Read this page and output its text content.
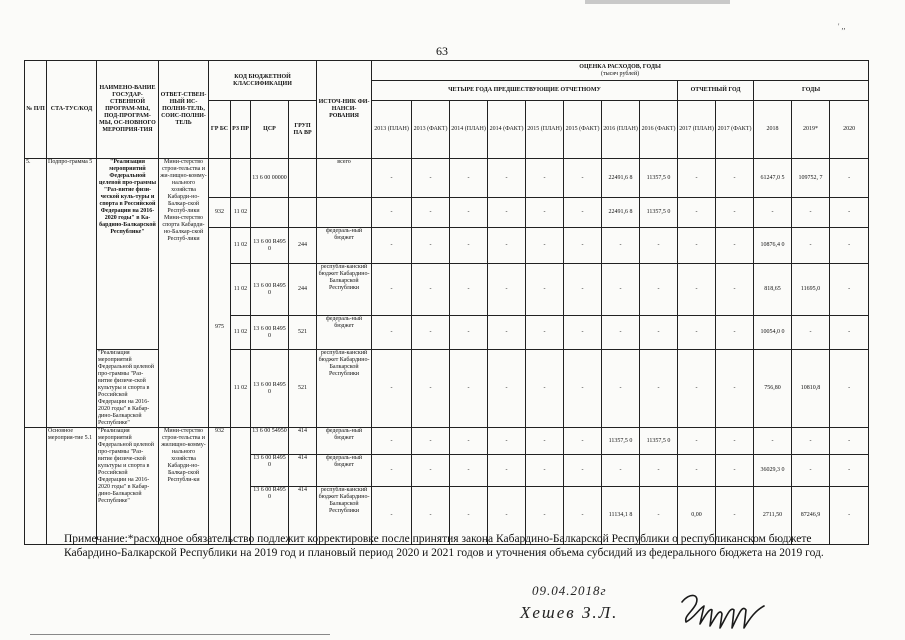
' ,,
63
№ П/П	СТА-ТУС/КОД	НАИМЕНО-ВАНИЕ ГОСУДАР-СТВЕННОЙ ПРОГРАМ-МЫ, ПОД-ПРОГРАМ-МЫ, ОС-НОВНОГО МЕРОПРИЯ-ТИЯ	ОТВЕТ-СТВЕН-НЫЙ ИС-ПОЛНИ-ТЕЛЬ, СОИС-ПОЛНИ-ТЕЛЬ	КОД БЮДЖЕТНОЙ КЛАССИФИКАЦИИ				ИСТОЧ-НИК ФИ-НАНСИ-РОВАНИЯ	ОЦЕНКА РАСХОДОВ, ГОДЫ
(тысяч рублей)												

									ЧЕТЫРЕ ГОДА ПРЕДШЕСТВУЮЩИЕ ОТЧЕТНОМУ								ОТЧЕТНЫЙ ГОД		ГОДЫ		
				ГР БС	РЗ ПР	ЦСР	ГРУП ПА ВР		2013 (ПЛАН)	2013 (ФАКТ)	2014 (ПЛАН)	2014 (ФАКТ)	2015 (ПЛАН)	2015 (ФАКТ)	2016 (ПЛАН)	2016 (ФАКТ)	2017 (ПЛАН)	2017 (ФАКТ)	2018	2019*	2020
5.	Подпро-грамма 5	"Реализация мероприятий Федеральной целевой про-граммы "Раз-витие физи-ческой куль-туры и спорта в Российской Федерации на 2016-2020 годы" в Ка-бардино-Балкарской Республике"	Мини-стерство строи-тельства и жи-лищно-комму-нального хозяйства Кабарди-но-Балкар-ской Респуб-лики Мини-стерство спорта Кабарди-но-Балкар-ской Респуб-лики			13 6 00 00000		всего	-	-	-	-	-	-	22491,6 8	11357,5 0	-	-	61247,0 5	109752, 7	-
				932	11 02				-	-	-	-	-	-	22491,6 8	11357,5 0	-	-	-	-	-
				975	11 02	13 6 00 R495 0	244	федераль-ный бюджет	-	-	-	-	-	-	-	-	-	-	10876,4 0	-	-
					11 02	13 6 00 R495 0	244	республи-канский бюджет Кабардино-Балкарской Республики	-	-	-	-	-	-	-	-	-	-	818,65	11695,0	-
					11 02	13 6 00 R495 0	521	федераль-ный бюджет	-	-	-	-	-	-	-	-	-	-	10054,0 0	-	-
		"Реализация мероприятий Федеральной целевой про-граммы "Раз-витие физиче-ской культуры и спорта в Российской Федерации на 2016-2020 годы" в Кабар-дино-Балкарской Республике"			11 02	13 6 00 R495 0	521	республи-канский бюджет Кабардино-Балкарской Республики	-	-	-	-	-	-	-	-	-	-	756,80	10810,8	-
	Основное мероприя-тие 5.1	"Реализация мероприятий Федеральной целевой про-граммы "Раз-витие физиче-ской культуры и спорта в Российской Федерации на 2016-2020 годы" в Кабар-дино-Балкарской Республике"	Мини-стерство строи-тельства и жилищно-комму-нального хозяйства Кабарди-но-Балкар-ской Республи-ки	932		13 6 00 54950	414	федераль-ный бюджет	-	-	-	-	-	-	11357,5 0	11357,5 0	-	-	-	-	-
						13 6 00 R495 0	414	федераль-ный бюджет	-	-	-	-	-	-	-	-	-	-	36029,3 0	-	-
						13 6 00 R495 0	414	республи-канский бюджет Кабардино-Балкарской Республики	-	-	-	-	-	-	11134,1 8	-	0,00	-	2711,50	87246,9	-
Примечание:*расходное обязательство подлежит корректировке после принятия закона Кабардино-Балкарской Республики о республиканском бюджете Кабардино-Балкарской Республики на 2019 год и плановый период 2020 и 2021 годов и уточнения объема субсидий из федерального бюджета на 2019 год.
09.04.2018г
Хешев З.Л.
